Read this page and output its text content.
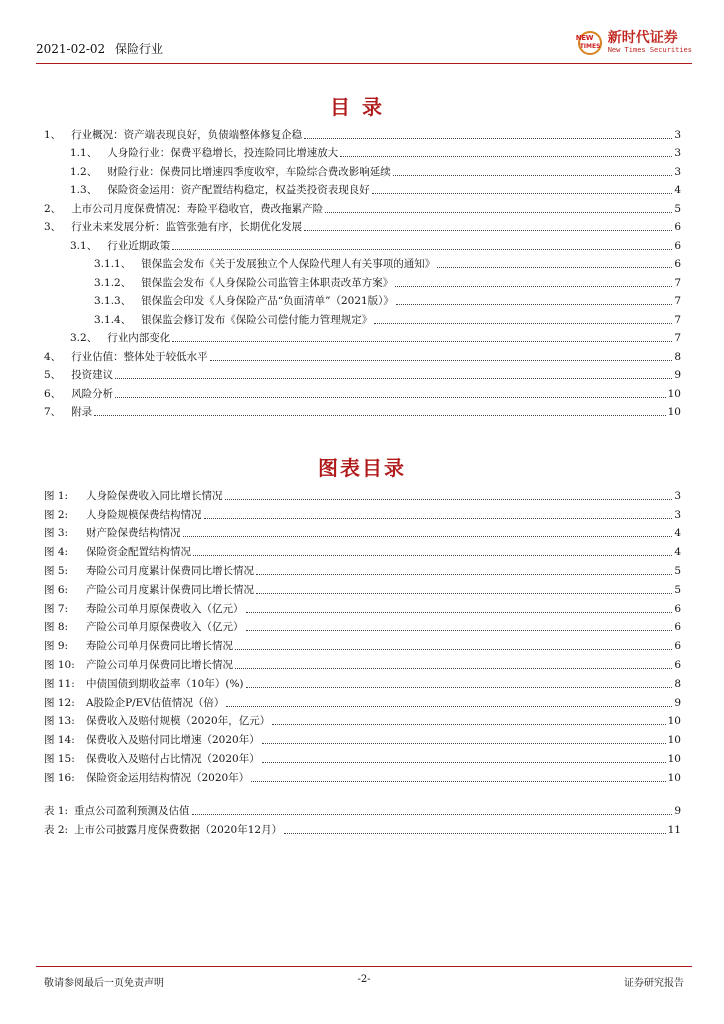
2021-02-02 保险行业
NEW
TIMES
新时代证券
New Times Securities
目录
1、 行业概况：资产端表现良好，负债端整体修复企稳	3
1.1、 人身险行业：保费平稳增长，投连险同比增速放大	3
1.2、 财险行业：保费同比增速四季度收窄，车险综合费改影响延续	3
1.3、 保险资金运用：资产配置结构稳定，权益类投资表现良好	4
2、 上市公司月度保费情况：寿险平稳收官，费改拖累产险	5
3、 行业未来发展分析：监管张弛有序，长期优化发展	6
3.1、 行业近期政策	6
3.1.1、 银保监会发布《关于发展独立个人保险代理人有关事项的通知》	6
3.1.2、 银保监会发布《人身保险公司监管主体职责改革方案》	7
3.1.3、 银保监会印发《人身保险产品“负面清单”（2021版）》	7
3.1.4、 银保监会修订发布《保险公司偿付能力管理规定》	7
3.2、 行业内部变化	7
4、 行业估值：整体处于较低水平	8
5、 投资建议	9
6、 风险分析	10
7、 附录	10
图表目录
图 1:	人身险保费收入同比增长情况	3
图 2:	人身险规模保费结构情况	3
图 3:	财产险保费结构情况	4
图 4:	保险资金配置结构情况	4
图 5:	寿险公司月度累计保费同比增长情况	5
图 6:	产险公司月度累计保费同比增长情况	5
图 7:	寿险公司单月原保费收入（亿元）	6
图 8:	产险公司单月原保费收入（亿元）	6
图 9:	寿险公司单月保费同比增长情况	6
图 10:	产险公司单月保费同比增长情况	6
图 11:	中债国债到期收益率（10年）(%)	8
图 12:	A股险企P/EV估值情况（倍）	9
图 13:	保费收入及赔付规模（2020年，亿元）	10
图 14:	保费收入及赔付同比增速（2020年）	10
图 15:	保费收入及赔付占比情况（2020年）	10
图 16:	保险资金运用结构情况（2020年）	10
表 1: 重点公司盈利预测及估值	9
表 2: 上市公司披露月度保费数据（2020年12月）	11
敬请参阅最后一页免责声明	-2-	证券研究报告
